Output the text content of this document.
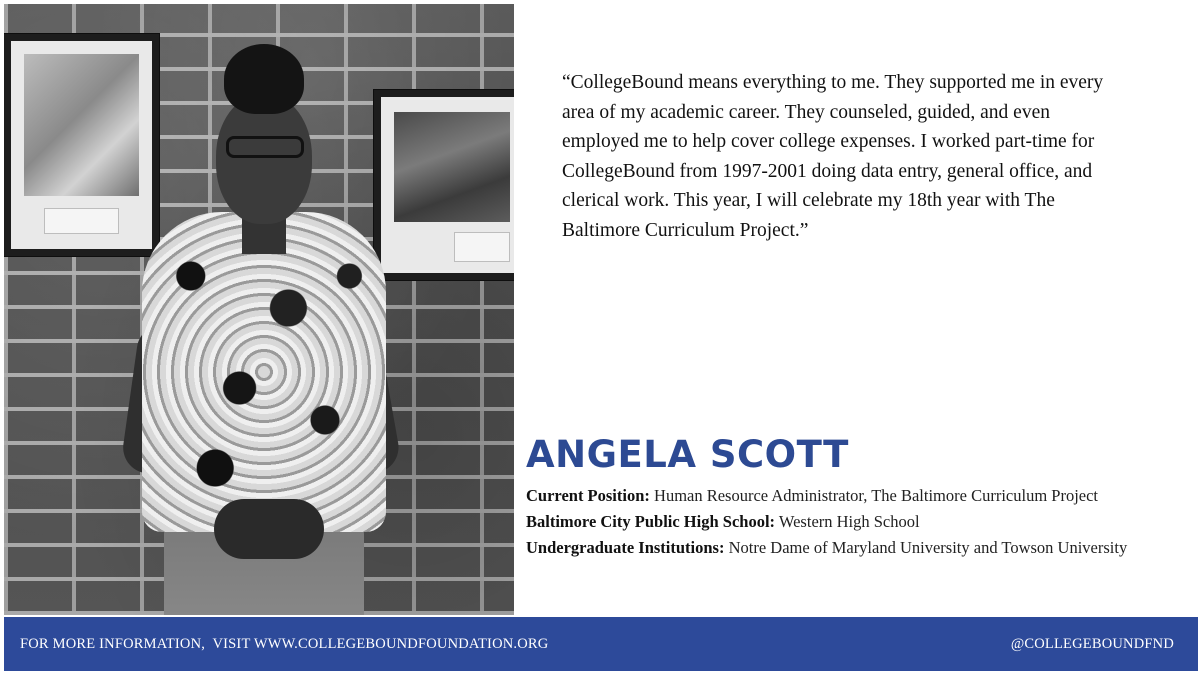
“CollegeBound means everything to me. They supported me in every area of my academic career. They counseled, guided, and even employed me to help cover college expenses. I worked part-time for CollegeBound from 1997-2001 doing data entry, general office, and clerical work. This year, I will celebrate my 18th year with The Baltimore Curriculum Project.”

ANGELA SCOTT

Current Position: Human Resource Administrator, The Baltimore Curriculum Project

Baltimore City Public High School: Western High School

Undergraduate Institutions: Notre Dame of Maryland University and Towson University

FOR MORE INFORMATION,  VISIT WWW.COLLEGEBOUNDFOUNDATION.ORG	@COLLEGEBOUNDFND
